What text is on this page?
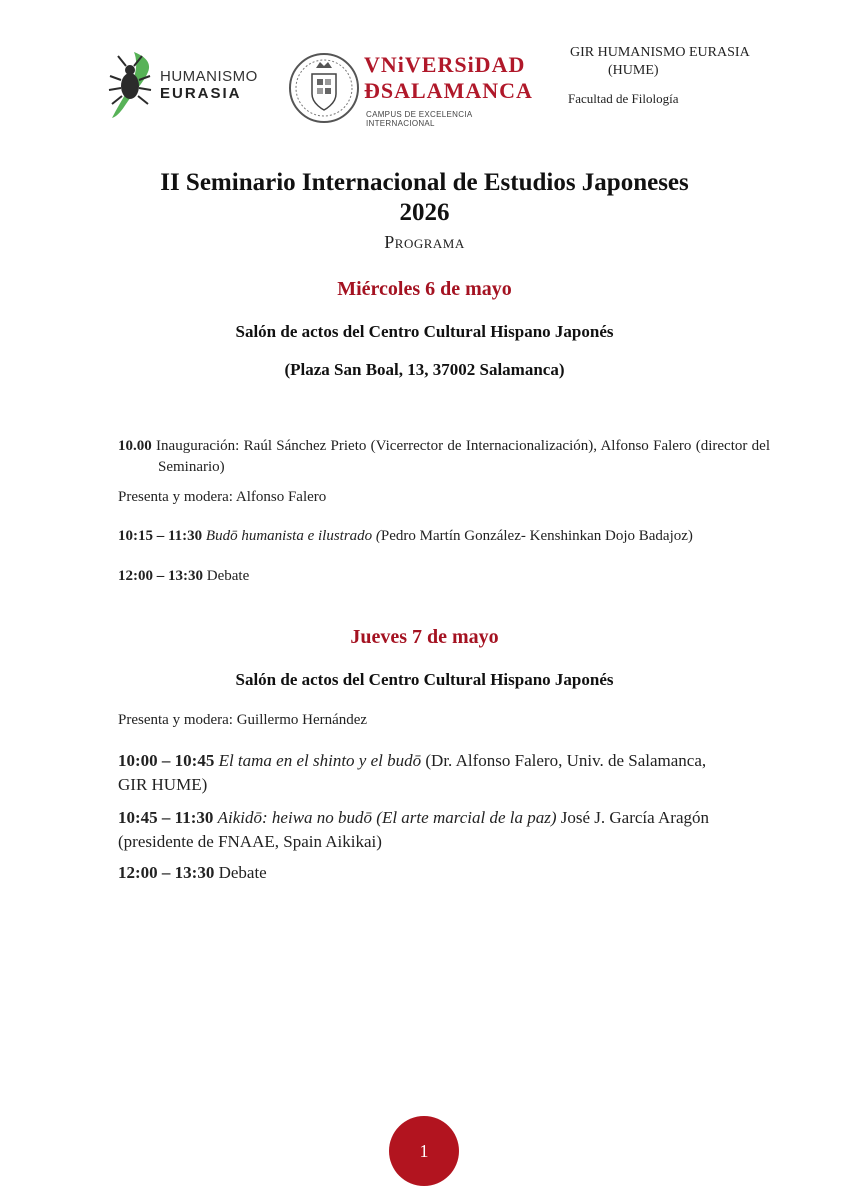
HUMANISMO
EURASIA
VNiVERSiDAD
ÐSALAMANCA
CAMPUS DE EXCELENCIA INTERNACIONAL
GIR HUMANISMO EURASIA
(HUME)
Facultad de Filología
II Seminario Internacional de Estudios Japoneses
2026
Programa
Miércoles 6 de mayo
Salón de actos del Centro Cultural Hispano Japonés
(Plaza San Boal, 13, 37002 Salamanca)
10.00 Inauguración: Raúl Sánchez Prieto (Vicerrector de Internacionalización), Alfonso Falero (director del Seminario)
Presenta y modera: Alfonso Falero
10:15 – 11:30 Budō humanista e ilustrado (Pedro Martín González- Kenshinkan Dojo Badajoz)
12:00 – 13:30 Debate
Jueves 7 de mayo
Salón de actos del Centro Cultural Hispano Japonés
Presenta y modera: Guillermo Hernández
10:00 – 10:45 El tama en el shinto y el budō (Dr. Alfonso Falero, Univ. de Salamanca, GIR HUME)
10:45 – 11:30 Aikidō: heiwa no budō (El arte marcial de la paz) José J. García Aragón (presidente de FNAAE, Spain Aikikai)
12:00 – 13:30 Debate
1
